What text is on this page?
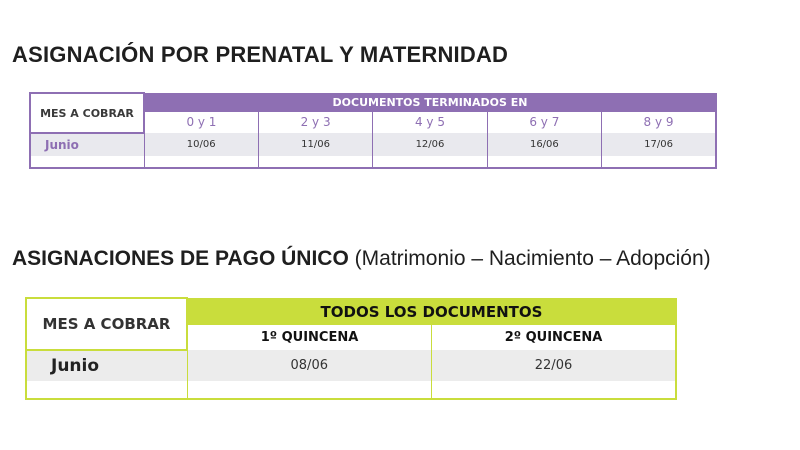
ASIGNACIÓN POR PRENATAL Y MATERNIDAD
MES A COBRAR	DOCUMENTOS TERMINADOS EN				
	0 y 1	2 y 3	4 y 5	6 y 7	8 y 9
Junio	10/06	11/06	12/06	16/06	17/06

ASIGNACIONES DE PAGO ÚNICO (Matrimonio – Nacimiento – Adopción)
MES A COBRAR	TODOS LOS DOCUMENTOS	
	1º QUINCENA	2º QUINCENA
Junio	08/06	22/06
